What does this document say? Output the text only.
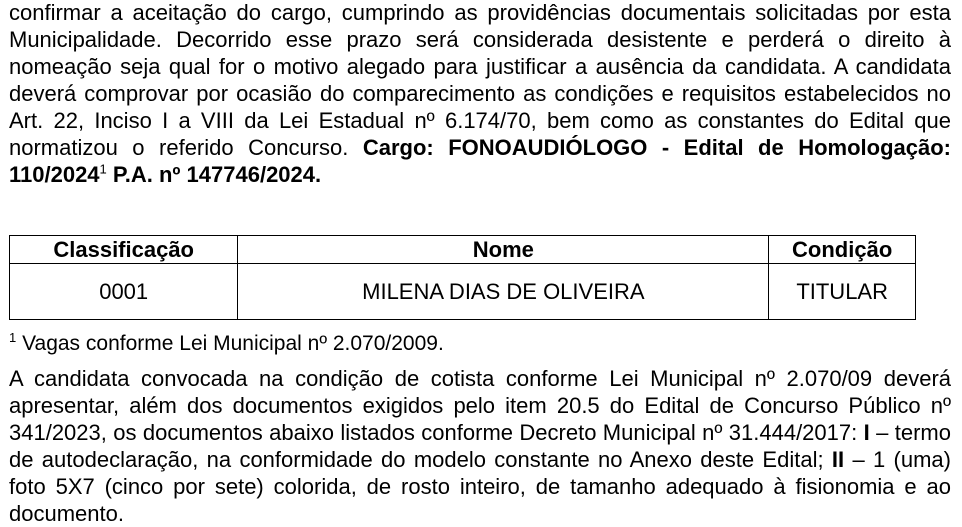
confirmar a aceitação do cargo, cumprindo as providências documentais solicitadas por esta Municipalidade. Decorrido esse prazo será considerada desistente e perderá o direito à nomeação seja qual for o motivo alegado para justificar a ausência da candidata. A candidata deverá comprovar por ocasião do comparecimento as condições e requisitos estabelecidos no Art. 22, Inciso I a VIII da Lei Estadual nº 6.174/70, bem como as constantes do Edital que normatizou o referido Concurso. Cargo: FONOAUDIÓLOGO - Edital de Homologação: 110/2024$^1$ P.A. nº 147746/2024.

Classificação	Nome	Condição
0001	MILENA DIAS DE OLIVEIRA	TITULAR

$^1$ Vagas conforme Lei Municipal nº 2.070/2009.

A candidata convocada na condição de cotista conforme Lei Municipal nº 2.070/09 deverá apresentar, além dos documentos exigidos pelo item 20.5 do Edital de Concurso Público nº 341/2023, os documentos abaixo listados conforme Decreto Municipal nº 31.444/2017: I – termo de autodeclaração, na conformidade do modelo constante no Anexo deste Edital; II – 1 (uma) foto 5X7 (cinco por sete) colorida, de rosto inteiro, de tamanho adequado à fisionomia e ao documento.
